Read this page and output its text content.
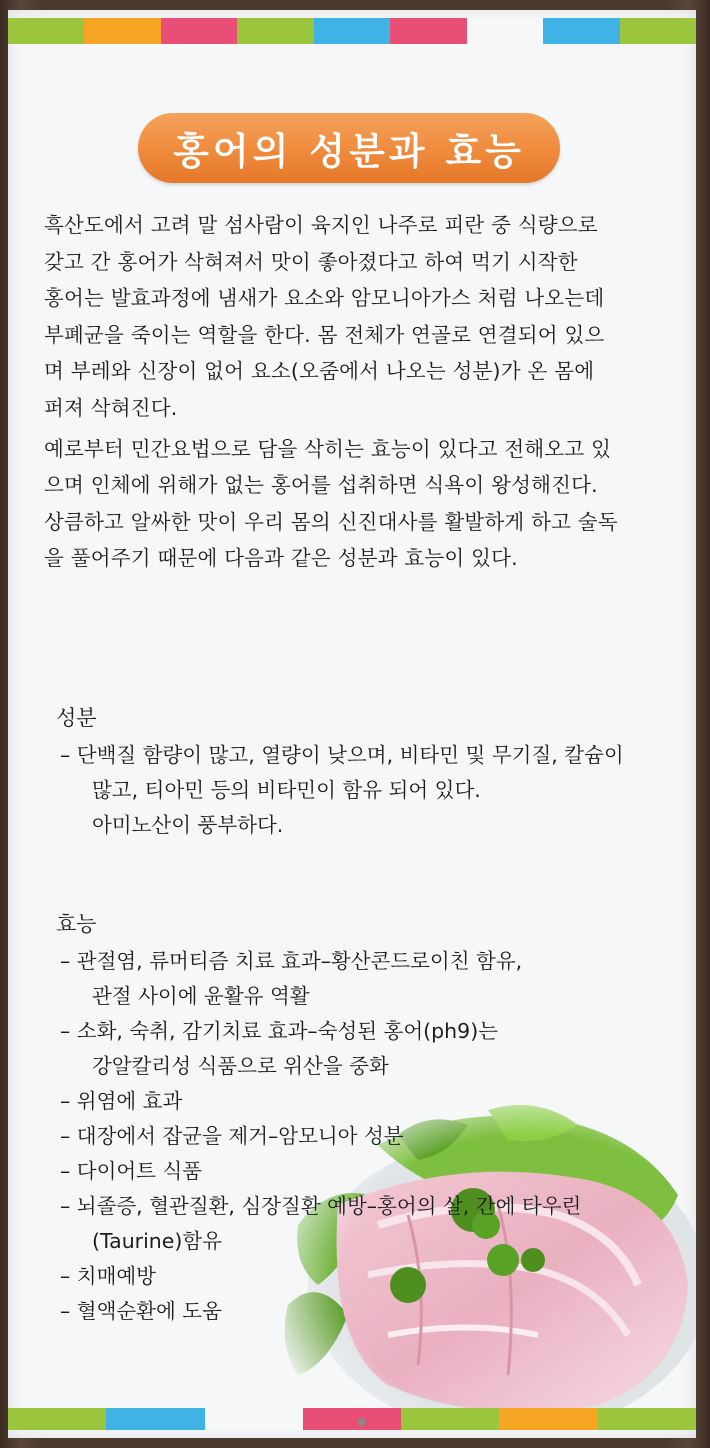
홍어의 성분과 효능

흑산도에서 고려 말 섬사람이 육지인 나주로 피란 중 식량으로

갖고 간 홍어가 삭혀져서 맛이 좋아졌다고 하여 먹기 시작한

홍어는 발효과정에 냄새가 요소와 암모니아가스 처럼 나오는데

부폐균을 죽이는 역할을 한다. 몸 전체가 연골로 연결되어 있으

며 부레와 신장이 없어 요소(오줌에서 나오는 성분)가 온 몸에

퍼져 삭혀진다.

예로부터 민간요법으로 담을 삭히는 효능이 있다고 전해오고 있

으며 인체에 위해가 없는 홍어를 섭취하면 식욕이 왕성해진다.

상큼하고 알싸한 맛이 우리 몸의 신진대사를 활발하게 하고 술독

을 풀어주기 때문에 다음과 같은 성분과 효능이 있다.

성분
– 단백질 함량이 많고, 열량이 낮으며, 비타민 및 무기질, 칼슘이
많고, 티아민 등의 비타민이 함유 되어 있다.
아미노산이 풍부하다.
효능
– 관절염, 류머티즘 치료 효과–황산콘드로이친 함유,
관절 사이에 윤활유 역활
– 소화, 숙취, 감기치료 효과–숙성된 홍어(ph9)는
강알칼리성 식품으로 위산을 중화
– 위염에 효과
– 대장에서 잡균을 제거–암모니아 성분
– 다이어트 식품
– 뇌졸증, 혈관질환, 심장질환 예방–홍어의 살, 간에 타우린
(Taurine)함유
– 치매예방
– 혈액순환에 도움
